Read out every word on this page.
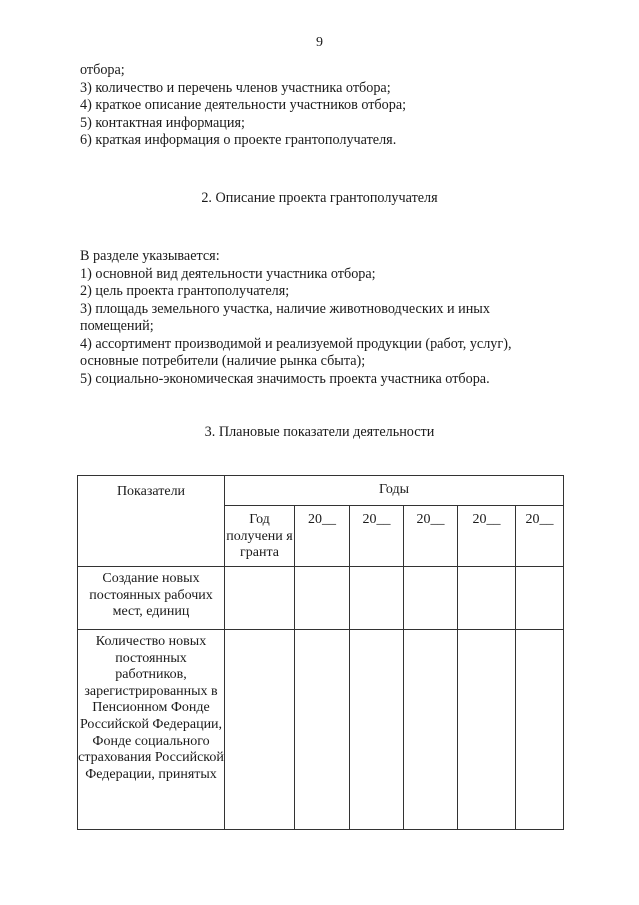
9
отбора;
3) количество и перечень членов участника отбора;
4) краткое описание деятельности участников отбора;
5) контактная информация;
6) краткая информация о проекте грантополучателя.
2. Описание проекта грантополучателя
В разделе указывается:
1) основной вид деятельности участника отбора;
2) цель проекта грантополучателя;
3) площадь земельного участка, наличие животноводческих и иных
помещений;
4) ассортимент производимой и реализуемой продукции (работ, услуг),
основные потребители (наличие рынка сбыта);
5) социально-экономическая значимость проекта участника отбора.
3. Плановые показатели деятельности
Показатели	Годы					
	Год получени я гранта	20__	20__	20__	20__	20__
Создание новых постоянных рабочих мест, единиц						
Количество новых постоянных работников, зарегистрированных в Пенсионном Фонде Российской Федерации, Фонде социального страхования Российской Федерации, принятых						
